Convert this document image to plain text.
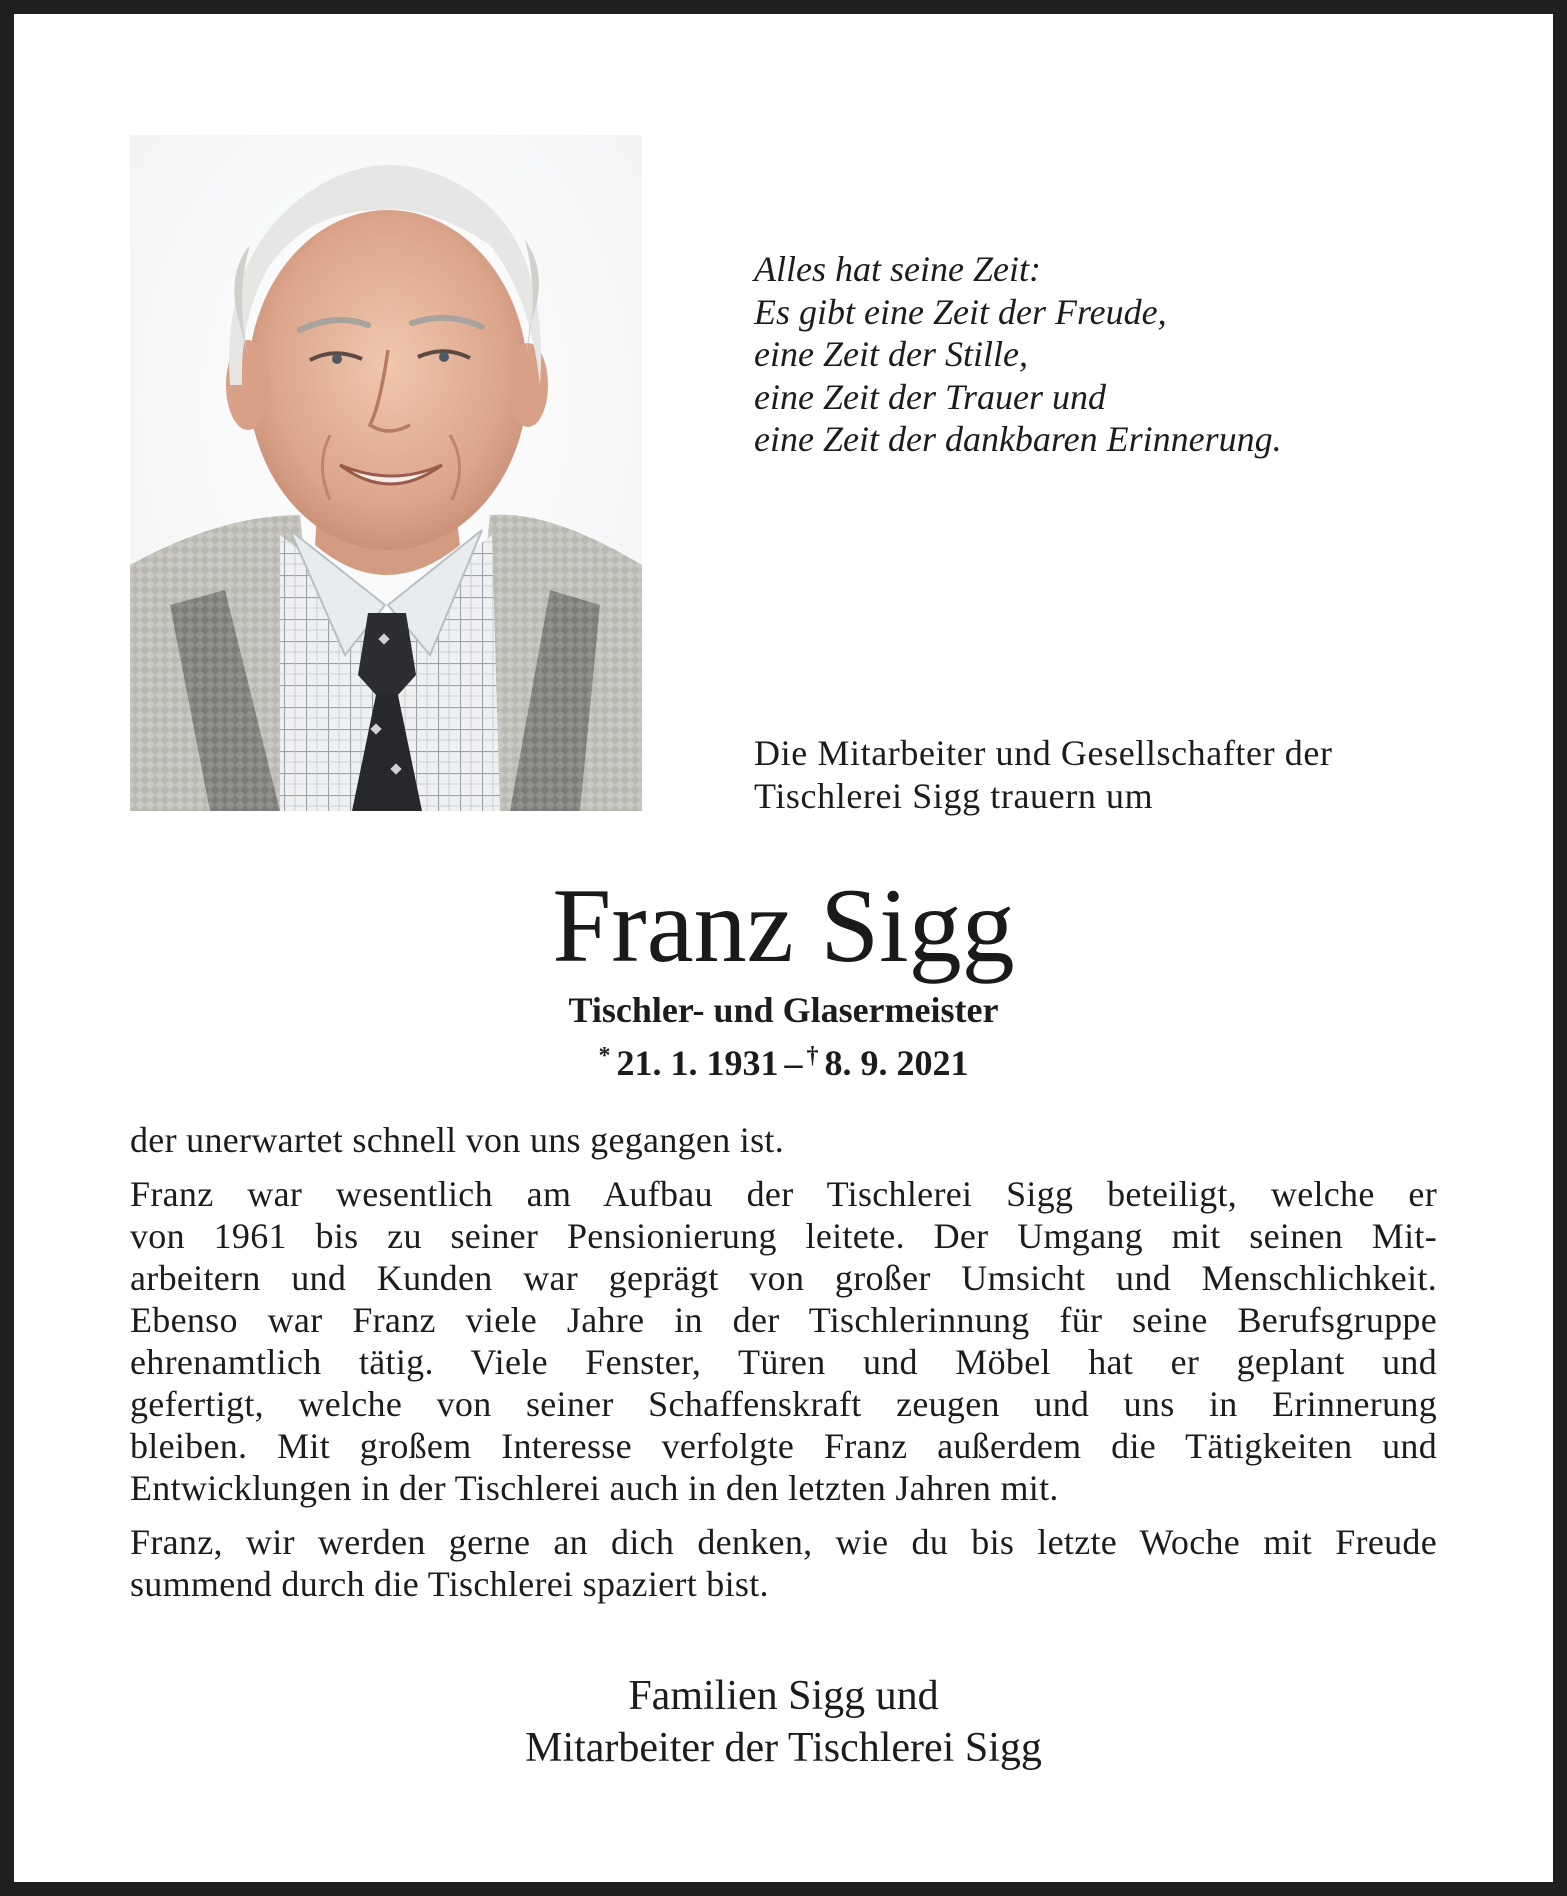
Alles hat seine Zeit:
Es gibt eine Zeit der Freude,
eine Zeit der Stille,
eine Zeit der Trauer und
eine Zeit der dankbaren Erinnerung.
Die Mitarbeiter und Gesellschafter der
Tischlerei Sigg trauern um
Franz Sigg
Tischler- und Glasermeister
* 21. 1. 1931 – † 8. 9. 2021
der unerwartet schnell von uns gegangen ist.
Franz war wesentlich am Aufbau der Tischlerei Sigg beteiligt, welche er
von 1961 bis zu seiner Pensionierung leitete. Der Umgang mit seinen Mit-
arbeitern und Kunden war geprägt von großer Umsicht und Menschlichkeit.
Ebenso war Franz viele Jahre in der Tischlerinnung für seine Berufsgruppe
ehrenamtlich tätig. Viele Fenster, Türen und Möbel hat er geplant und
gefertigt, welche von seiner Schaffenskraft zeugen und uns in Erinnerung
bleiben. Mit großem Interesse verfolgte Franz außerdem die Tätigkeiten und
Entwicklungen in der Tischlerei auch in den letzten Jahren mit.
Franz, wir werden gerne an dich denken, wie du bis letzte Woche mit Freude
summend durch die Tischlerei spaziert bist.
Familien Sigg und
Mitarbeiter der Tischlerei Sigg
